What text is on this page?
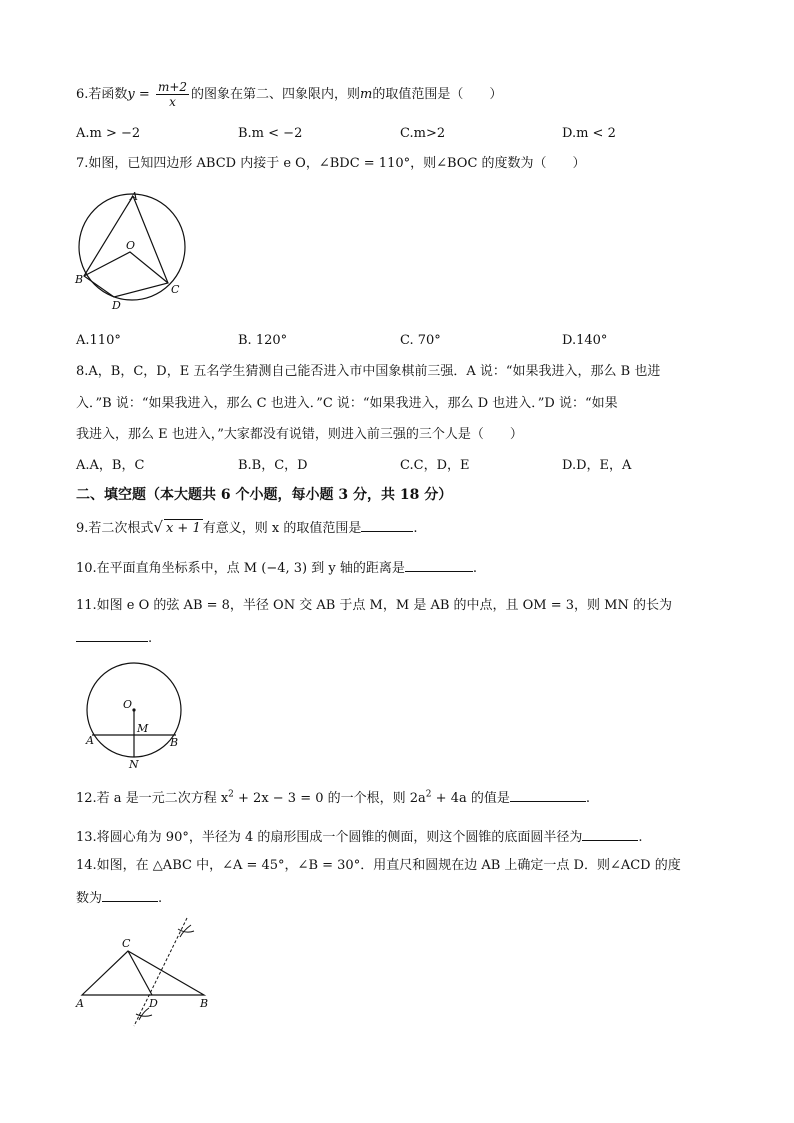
6.若函数$y = \frac{m+2}{x}$ 的图象在第二、四象限内，则m的取值范围是（　　）
A.m > −2	B.m < −2	C.m>2	D.m < 2
7.如图，已知四边形 ABCD 内接于 e O，∠BDC = 110°，则∠BOC 的度数为（　　）
A
O
B
C
D
A.110°	B. 120°	C. 70°	D.140°
8.A，B，C，D，E 五名学生猜测自己能否进入市中国象棋前三强．A 说：“如果我进入，那么 B 也进
入．”B 说：“如果我进入，那么 C 也进入．”C 说：“如果我进入，那么 D 也进入．”D 说：“如果
我进入，那么 E 也进入，”大家都没有说错，则进入前三强的三个人是（　　）
A.A，B，C	B.B，C，D	C.C，D，E	D.D，E，A
二、填空题（本大题共 6 个小题，每小题 3 分，共 18 分）
9.若二次根式√ x + 1 有意义，则 x 的取值范围是	.
10.在平面直角坐标系中，点 M (−4, 3) 到 y 轴的距离是	.
11.如图 e O 的弦 AB = 8，半径 ON 交 AB 于点 M，M 是 AB 的中点，且 OM = 3，则 MN 的长为
.
O
M
A	B
N
12.若 a 是一元二次方程 $x^2 + 2x - 3 = 0$ 的一个根，则 $2a^2 + 4a$ 的值是	.
13.将圆心角为 90°，半径为 4 的扇形围成一个圆锥的侧面，则这个圆锥的底面圆半径为	.
14.如图，在 △ABC 中，∠A = 45°，∠B = 30°．用直尺和圆规在边 AB 上确定一点 D．则∠ACD 的度
数为	.
C
A	D	B
